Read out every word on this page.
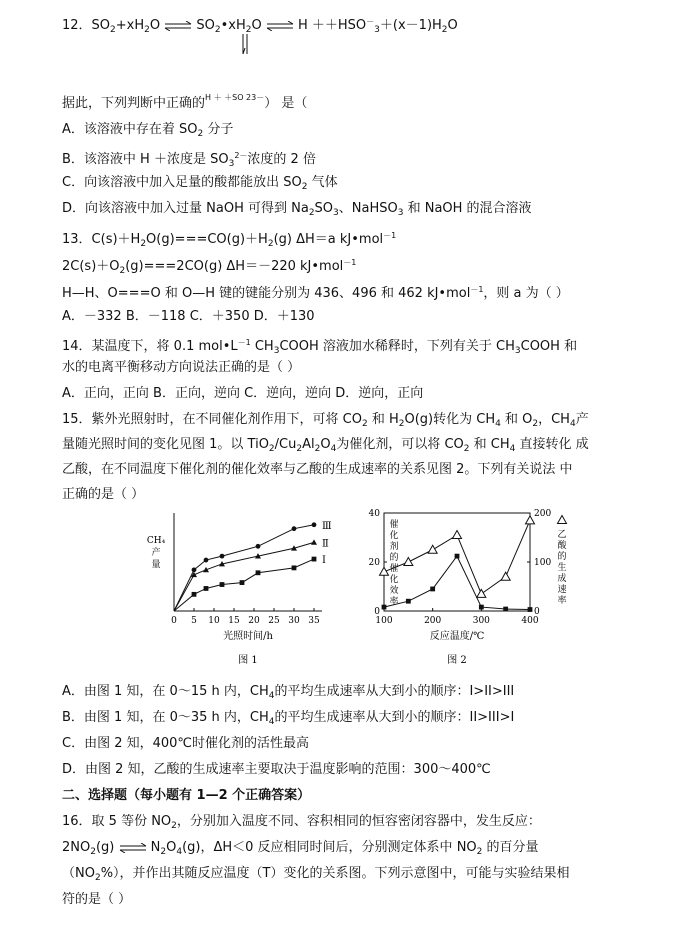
12．$SO_2+xH_2O$ ⇌ $SO_2•xH_2O$ ⇌ $H ++HSO^-_3+(x-1)H_2O$
据此，下列判断中正确的$^{H + +SO 23-}$） 是（
A．该溶液中存在着 $SO_2$ 分子
B．该溶液中 H ＋浓度是 $SO_3^{2-}$浓度的 2 倍
C．向该溶液中加入足量的酸都能放出 $SO_2$ 气体
D．向该溶液中加入过量 NaOH 可得到 $Na_2SO_3$、NaHSO$_3$ 和 NaOH 的混合溶液
13．$C(s)+H_2O(g)===CO(g)+H_2(g)$ ΔH＝a kJ•mol$^{-1}$
$2C(s)+O_2(g)===2CO(g)$ ΔH＝－220 kJ•mol$^{-1}$
H—H、O===O 和 O—H 键的键能分别为 436、496 和 462 kJ•mol$^{-1}$，则 a 为（ ）
A．－332 B．－118 C．＋350 D．＋130
14．某温度下，将 0.1 $mol•L^{-1}$ $CH_3COOH$ 溶液加水稀释时，下列有关于 $CH_3COOH$ 和
水的电离平衡移动方向说法正确的是（ ）
A．正向，正向 B．正向，逆向 C．逆向，逆向 D．逆向，正向
15．紫外光照射时，在不同催化剂作用下，可将 $CO_2$ 和 $H_2O(g)$转化为 $CH_4$ 和 $O_2$，$CH_4$产
量随光照时间的变化见图 1。以 $TiO_2/Cu_2Al_2O_4$为催化剂，可以将 $CO_2$ 和 $CH_4$ 直接转化 成
乙酸，在不同温度下催化剂的催化效率与乙酸的生成速率的关系见图 2。下列有关说法 中
正确的是（ ）
0 5 10 15 20 25 30 35
CH₄ 产量
光照时间/h
图 1
Ⅲ
Ⅱ
Ⅰ
100	200	300	400
0
20
40
0
100
200
催化剂的催化效率
乙酸的生成速率
反应温度/℃
图 2
A．由图 1 知，在 0～15 h 内，$CH_4$的平均生成速率从大到小的顺序：I>II>III
B．由图 1 知，在 0～35 h 内，$CH_4$的平均生成速率从大到小的顺序：II>III>I
C．由图 2 知，400℃时催化剂的活性最高
D．由图 2 知，乙酸的生成速率主要取决于温度影响的范围：300～400℃
二、选择题（每小题有 1—2 个正确答案）
16．取 5 等份 $NO_2$，分别加入温度不同、容积相同的恒容密闭容器中，发生反应：
$2NO_2(g)$ ⇌ $N_2O_4(g)$，ΔH＜0 反应相同时间后，分别测定体系中 $NO_2$ 的百分量
$(NO_2\%)$，并作出其随反应温度（T）变化的关系图。下列示意图中，可能与实验结果相
符的是（ ）
